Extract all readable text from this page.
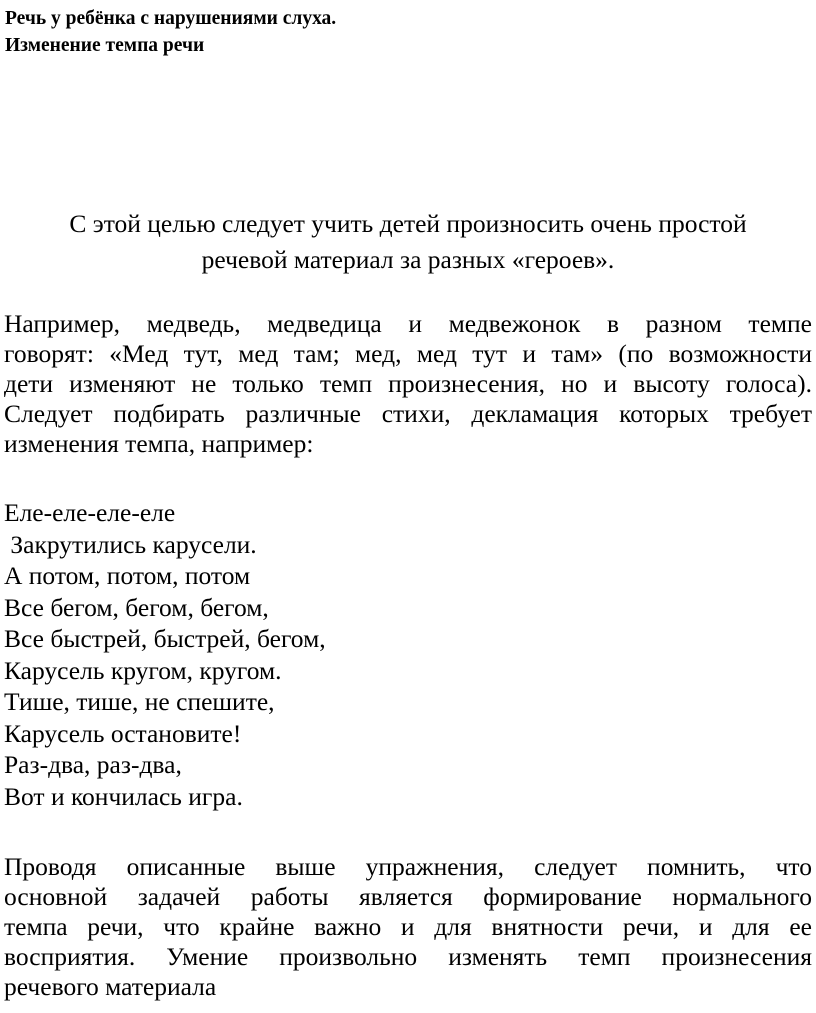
Речь у ребёнка с нарушениями слуха.
Изменение темпа речи
С этой целью следует учить детей произносить очень простой
речевой материал за разных «героев».
Например, медведь, медведица и медвежонок в разном темпе
говорят: «Мед тут, мед там; мед, мед тут и там» (по возможности
дети изменяют не только темп произнесения, но и высоту голоса).
Следует подбирать различные стихи, декламация которых требует
изменения темпа, например:
Еле-еле-еле-еле
Закрутились карусели.
А потом, потом, потом
Все бегом, бегом, бегом,
Все быстрей, быстрей, бегом,
Карусель кругом, кругом.
Тише, тише, не спешите,
Карусель остановите!
Раз-два, раз-два,
Вот и кончилась игра.
Проводя описанные выше упражнения, следует помнить, что
основной задачей работы является формирование нормального
темпа речи, что крайне важно и для внятности речи, и для ее
восприятия. Умение произвольно изменять темп произнесения
речевого материала
